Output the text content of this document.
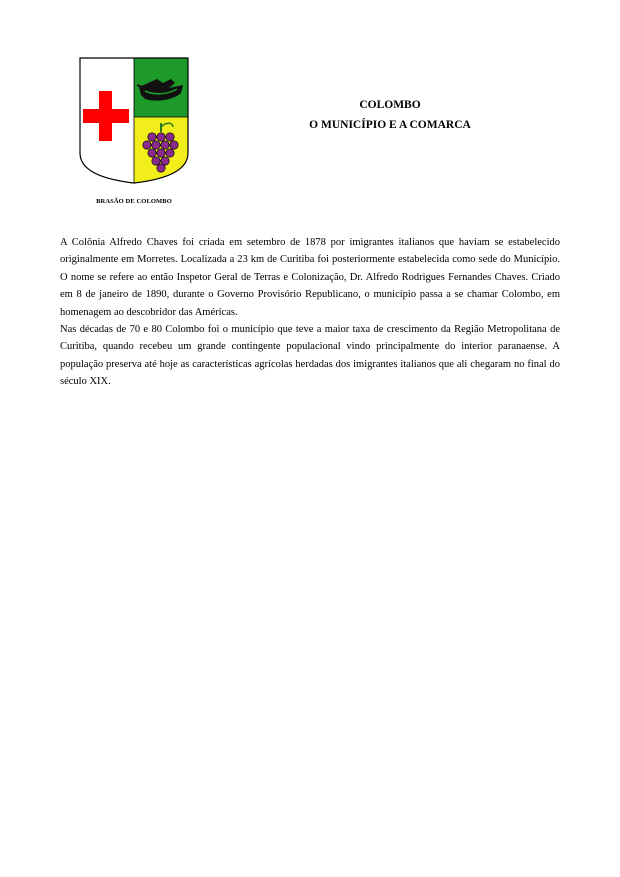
BRASÃO DE COLOMBO
COLOMBO
O MUNICÍPIO E A COMARCA

A Colônia Alfredo Chaves foi criada em setembro de 1878 por imigrantes italianos que haviam se estabelecido originalmente em Morretes. Localizada a 23 km de Curitiba foi posteriormente estabelecida como sede do Município. O nome se refere ao então Inspetor Geral de Terras e Colonização, Dr. Alfredo Rodrigues Fernandes Chaves. Criado em 8 de janeiro de 1890, durante o Governo Provisório Republicano, o município passa a se chamar Colombo, em homenagem ao descobridor das Américas.

Nas décadas de 70 e 80 Colombo foi o município que teve a maior taxa de crescimento da Região Metropolitana de Curitiba, quando recebeu um grande contingente populacional vindo principalmente do interior paranaense. A população preserva até hoje as características agrícolas herdadas dos imigrantes italianos que ali chegaram no final do século XIX.
